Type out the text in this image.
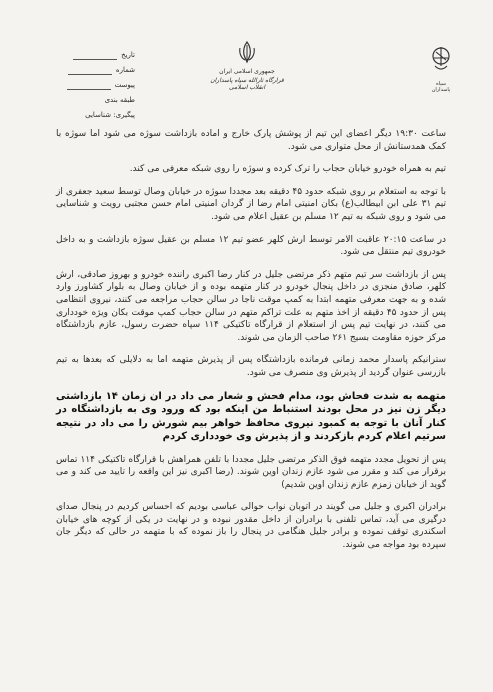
تاریخ
شماره
پیوست
طبقه بندی
پیگیری: شناسایی
جمهوری اسلامی ایران
قرارگاه ثارالله سپاه پاسداران انقلاب اسلامی	سپاه پاسداران

ساعت ۱۹:۳۰ دیگر اعضای این تیم از پوشش پارک خارج و اماده بازداشت سوژه می شود اما سوژه با کمک همدستانش از محل متواری می شود.

تیم به همراه خودرو خیابان حجاب را ترک کرده و سوژه را روی شبکه معرفی می کند.

با توجه به استعلام بر روی شبکه حدود ۴۵ دقیقه بعد مجددا سوژه در خیابان وصال توسط سعید جعفری از تیم ۳۱ علی ابن ابیطالب(ع) بکان امنیتی امام رضا از گردان امنیتی امام حسن مجتبی رویت و شناسایی می شود و روی شبکه به تیم ۱۲ مسلم بن عقیل اعلام می شود.

در ساعت ۲۰:۱۵ عاقبت الامر توسط ارش کلهر عضو تیم ۱۲ مسلم بن عقیل سوژه بازداشت و به داخل خودروی تیم منتقل می شود.

پس از بازداشت سر تیم متهم ذکر مرتضی جلیل در کنار رضا اکبری راننده خودرو و بهروز صادقی، ارش کلهر، صادق منجزی در داخل پنجال خودرو در کنار متهمه بوده و از خیابان وصال به بلوار کشاورز وارد شده و به جهت معرفی متهمه ابتدا به کمپ موقت ناجا در سالن حجاب مراجعه می کنند، نیروی انتظامی پس از حدود ۴۵ دقیقه از اخذ متهم به علت تراکم متهم در سالن حجاب کمپ موقت بکان ویژه خودداری می کنند، در نهایت تیم پس از استعلام از قرارگاه تاکتیکی ۱۱۴ سپاه حضرت رسول، عازم بازداشتگاه مرکز حوزه مقاومت بسیج ۲۶۱ صاحب الزمان می شوند.

سترانیکم پاسدار محمد زمانی فرمانده بازداشتگاه پس از پذیرش متهمه اما به دلایلی که بعدها به تیم بازرسی عنوان گردید از پذیرش وی منصرف می شود.

متهمه به شدت فحاش بود، مدام فحش و شعار می داد در ان زمان ۱۴ بازداشتی دیگر زن نیز در محل بودند استنباط من اینکه بود که ورود وی به بازداشتگاه در کنار آنان با توجه به کمبود نیروی محافظ خواهر بیم شورش را می داد در نتیجه سرتیم اعلام کردم بازکردند و از پذیرش وی خودداری کردم

پس از تحویل مجدد متهمه فوق الذکر مرتضی جلیل مجددا با تلفن همراهش با قرارگاه تاکتیکی ۱۱۴ تماس برقرار می کند و مقرر می شود عازم زندان اوین شوند. (رضا اکبری نیز این واقعه را تایید می کند و می گوید از خیابان زمزم عازم زندان اوین شدیم)

برادران اکبری و جلیل می گویند در اتوبان نواب حوالی عباسی بودیم که احساس کردیم در پنجال صدای درگیری می آید، تماس تلفنی با برادران از داخل مقدور نبوده و در نهایت در یکی از کوچه های خیابان اسکندری توقف نموده و برادر جلیل هنگامی در پنجال را باز نموده که با متهمه در حالی که دیگر جان سپرده بود مواجه می شوند.
